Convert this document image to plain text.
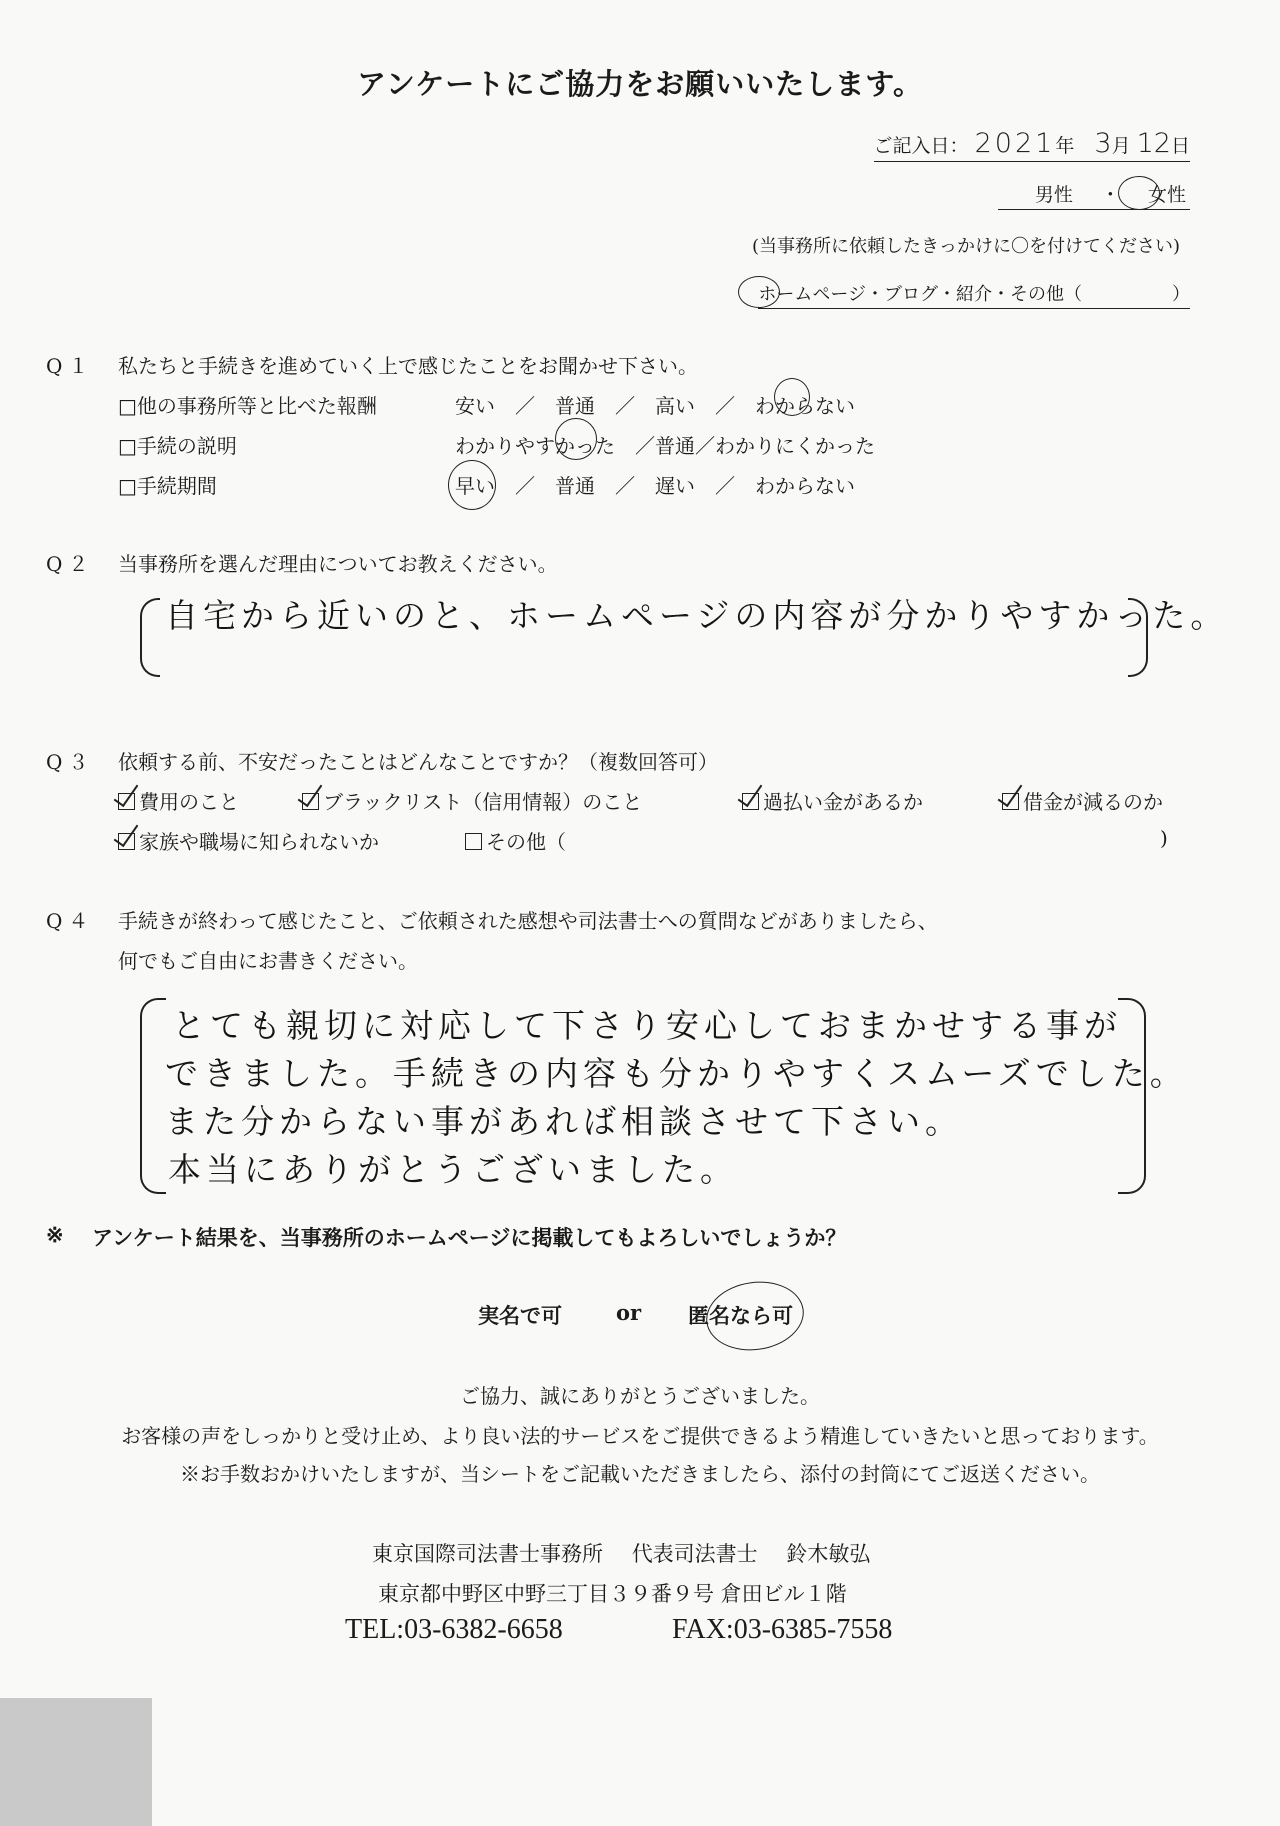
アンケートにご協力をお願いいたします。
ご記入日： 2021年 3月 12日
男性 ・ 女性
(当事務所に依頼したきっかけに〇を付けてください)
ホームページ・ブログ・紹介・その他（　　　　　）
Q１ 私たちと手続きを進めていく上で感じたことをお聞かせ下さい。
□他の事務所等と比べた報酬	安い　／　普通　／　高い　／　わからない
□手続の説明	わかりやすかった　／普通／わかりにくかった
□手続期間	早い　／　普通　／　遅い　／　わからない
Q２ 当事務所を選んだ理由についてお教えください。
自宅から近いのと、ホームページの内容が分かりやすかった。
Q３ 依頼する前、不安だったことはどんなことですか？（複数回答可）
費用のこと	ブラックリスト（信用情報）のこと	過払い金があるか	借金が減るのか
家族や職場に知られないか	その他（	)
Q４ 手続きが終わって感じたこと、ご依頼された感想や司法書士への質問などがありましたら、
何でもご自由にお書きください。
とても親切に対応して下さり安心しておまかせする事が
できました。手続きの内容も分かりやすくスムーズでした。
また分からない事があれば相談させて下さい。
本当にありがとうございました。
※ アンケート結果を、当事務所のホームページに掲載してもよろしいでしょうか？
実名で可	or 匿名なら可
ご協力、誠にありがとうございました。
お客様の声をしっかりと受け止め、より良い法的サービスをご提供できるよう精進していきたいと思っております。
※お手数おかけいたしますが、当シートをご記載いただきましたら、添付の封筒にてご返送ください。
東京国際司法書士事務所 代表司法書士 鈴木敏弘
東京都中野区中野三丁目３９番９号 倉田ビル１階
TEL:03-6382-6658	FAX:03-6385-7558
